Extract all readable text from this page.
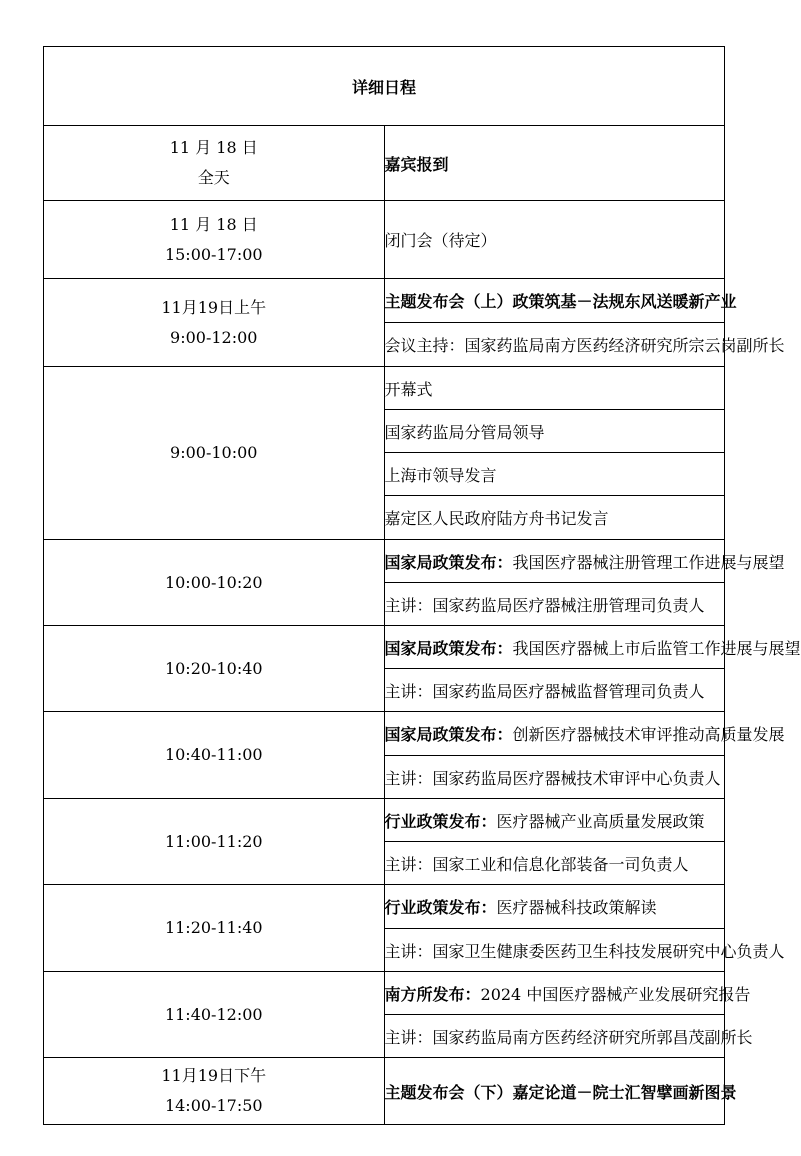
详细日程	

11 月 18 日
全天	嘉宾报到

11 月 18 日
15:00-17:00	闭门会（待定）

11月19日上午
9:00-12:00	主题发布会（上）政策筑基－法规东风送暖新产业
	会议主持：国家药监局南方医药经济研究所宗云岗副所长

9:00-10:00	开幕式
	国家药监局分管局领导
	上海市领导发言
	嘉定区人民政府陆方舟书记发言

10:00-10:20	国家局政策发布：我国医疗器械注册管理工作进展与展望
	主讲：国家药监局医疗器械注册管理司负责人

10:20-10:40	国家局政策发布：我国医疗器械上市后监管工作进展与展望
	主讲：国家药监局医疗器械监督管理司负责人

10:40-11:00	国家局政策发布：创新医疗器械技术审评推动高质量发展
	主讲：国家药监局医疗器械技术审评中心负责人

11:00-11:20	行业政策发布：医疗器械产业高质量发展政策
	主讲：国家工业和信息化部装备一司负责人

11:20-11:40	行业政策发布：医疗器械科技政策解读
	主讲：国家卫生健康委医药卫生科技发展研究中心负责人

11:40-12:00	南方所发布：2024 中国医疗器械产业发展研究报告
	主讲：国家药监局南方医药经济研究所郭昌茂副所长

11月19日下午
14:00-17:50	主题发布会（下）嘉定论道－院士汇智擘画新图景
